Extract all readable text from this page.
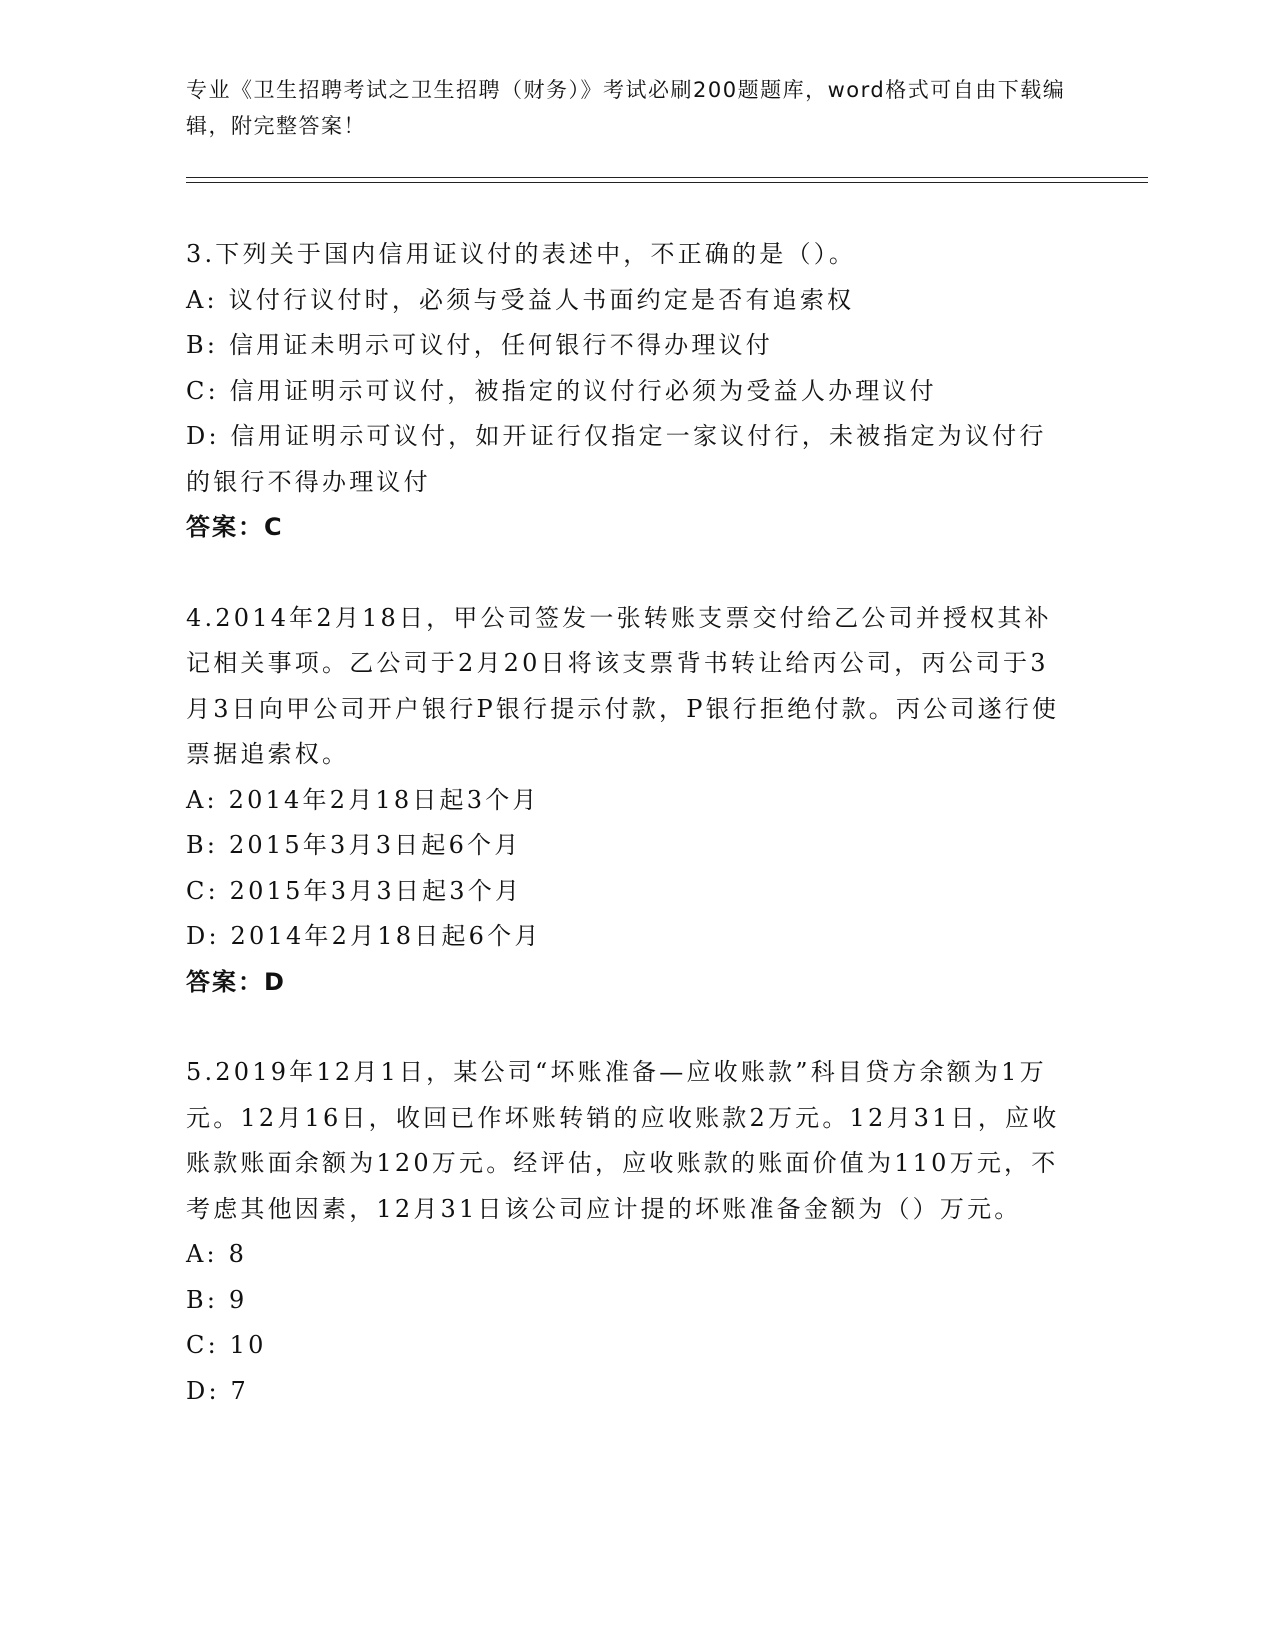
专业《卫生招聘考试之卫生招聘（财务）》考试必刷200题题库，word格式可自由下载编辑，附完整答案！

3.下列关于国内信用证议付的表述中，不正确的是（）。

A: 议付行议付时，必须与受益人书面约定是否有追索权

B: 信用证未明示可议付，任何银行不得办理议付

C: 信用证明示可议付，被指定的议付行必须为受益人办理议付

D: 信用证明示可议付，如开证行仅指定一家议付行，未被指定为议付行的银行不得办理议付

答案：C

4.2014年2月18日，甲公司签发一张转账支票交付给乙公司并授权其补记相关事项。乙公司于2月20日将该支票背书转让给丙公司，丙公司于3月3日向甲公司开户银行P银行提示付款，P银行拒绝付款。丙公司遂行使票据追索权。

A: 2014年2月18日起3个月

B: 2015年3月3日起6个月

C: 2015年3月3日起3个月

D: 2014年2月18日起6个月

答案：D

5.2019年12月1日，某公司“坏账准备—应收账款”科目贷方余额为1万元。12月16日，收回已作坏账转销的应收账款2万元。12月31日，应收账款账面余额为120万元。经评估，应收账款的账面价值为110万元，不考虑其他因素，12月31日该公司应计提的坏账准备金额为（）万元。

A: 8

B: 9

C: 10

D: 7
